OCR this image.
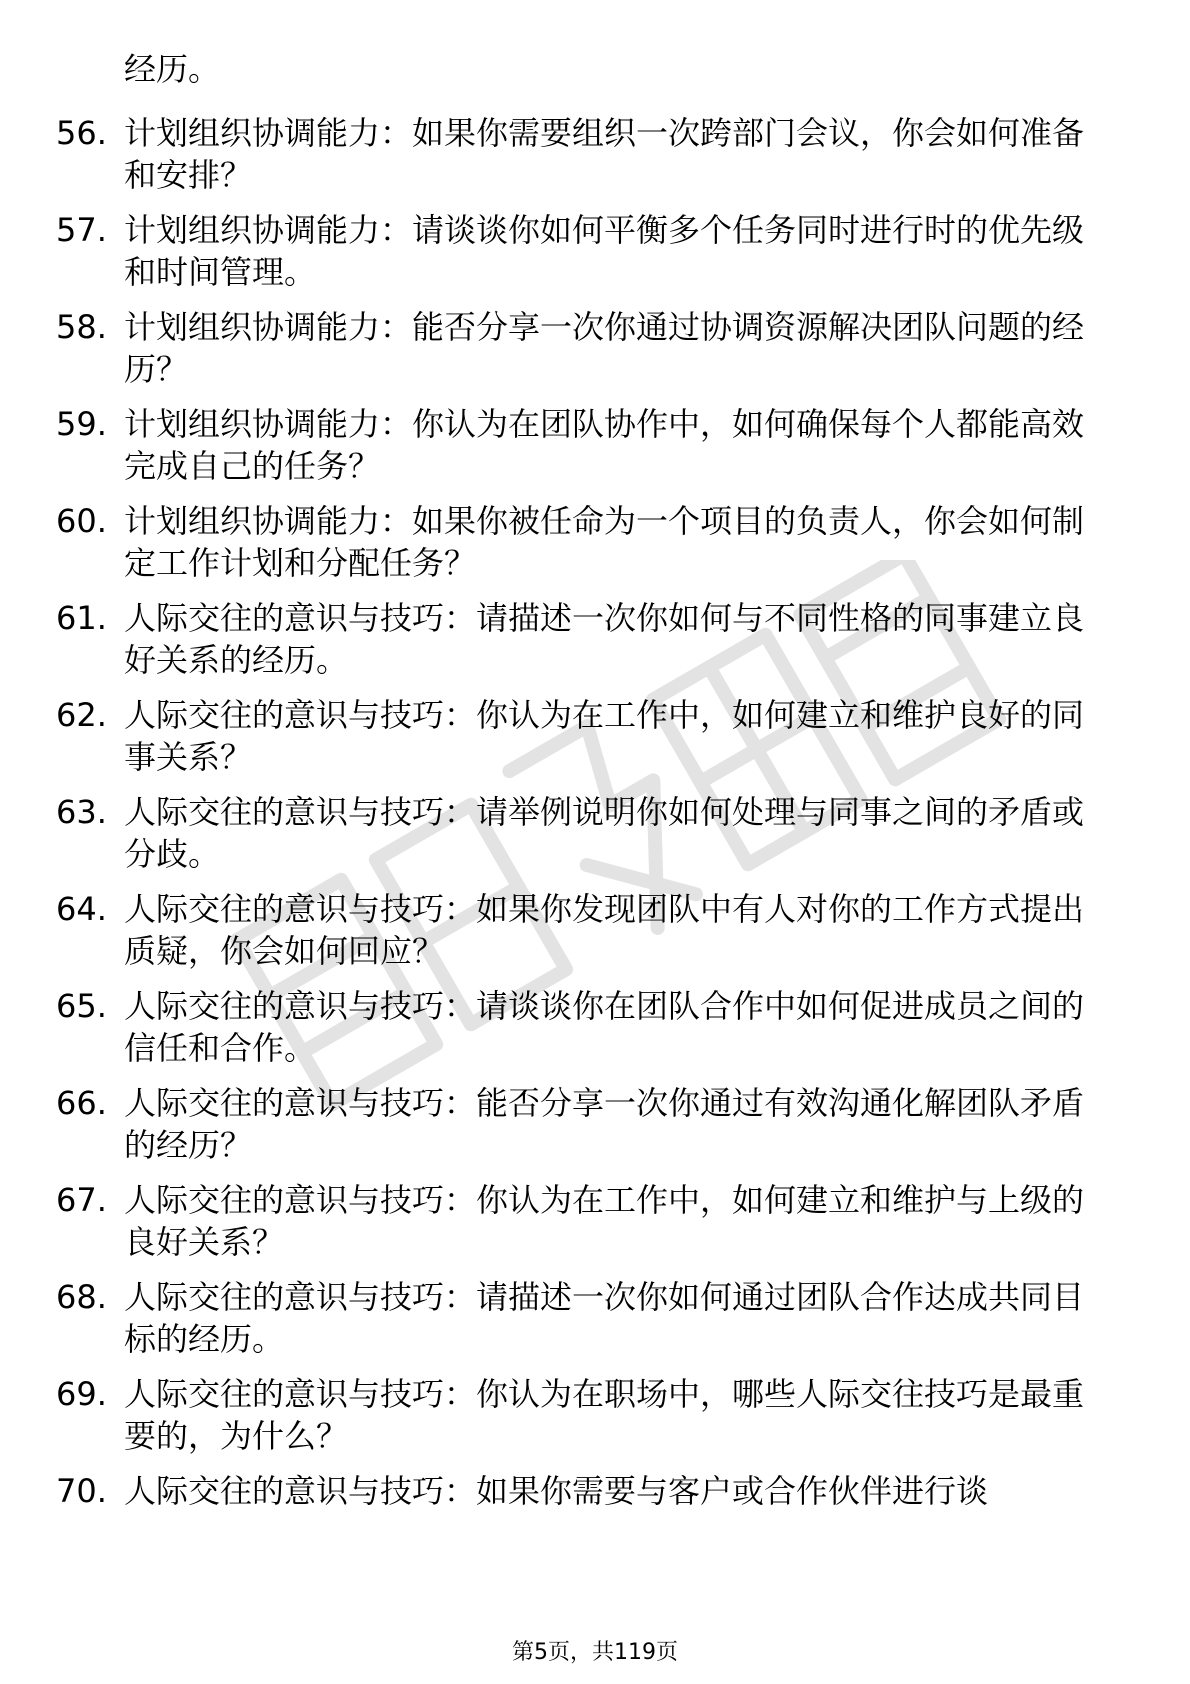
经历。

56. 计划组织协调能力：如果你需要组织一次跨部门会议，你会如何准备和安排？
57. 计划组织协调能力：请谈谈你如何平衡多个任务同时进行时的优先级和时间管理。
58. 计划组织协调能力：能否分享一次你通过协调资源解决团队问题的经历？
59. 计划组织协调能力：你认为在团队协作中，如何确保每个人都能高效完成自己的任务？
60. 计划组织协调能力：如果你被任命为一个项目的负责人，你会如何制定工作计划和分配任务？
61. 人际交往的意识与技巧：请描述一次你如何与不同性格的同事建立良好关系的经历。
62. 人际交往的意识与技巧：你认为在工作中，如何建立和维护良好的同事关系？
63. 人际交往的意识与技巧：请举例说明你如何处理与同事之间的矛盾或分歧。
64. 人际交往的意识与技巧：如果你发现团队中有人对你的工作方式提出质疑，你会如何回应？
65. 人际交往的意识与技巧：请谈谈你在团队合作中如何促进成员之间的信任和合作。
66. 人际交往的意识与技巧：能否分享一次你通过有效沟通化解团队矛盾的经历？
67. 人际交往的意识与技巧：你认为在工作中，如何建立和维护与上级的良好关系？
68. 人际交往的意识与技巧：请描述一次你如何通过团队合作达成共同目标的经历。
69. 人际交往的意识与技巧：你认为在职场中，哪些人际交往技巧是最重要的，为什么？
70. 人际交往的意识与技巧：如果你需要与客户或合作伙伴进行谈
第5页，共119页
